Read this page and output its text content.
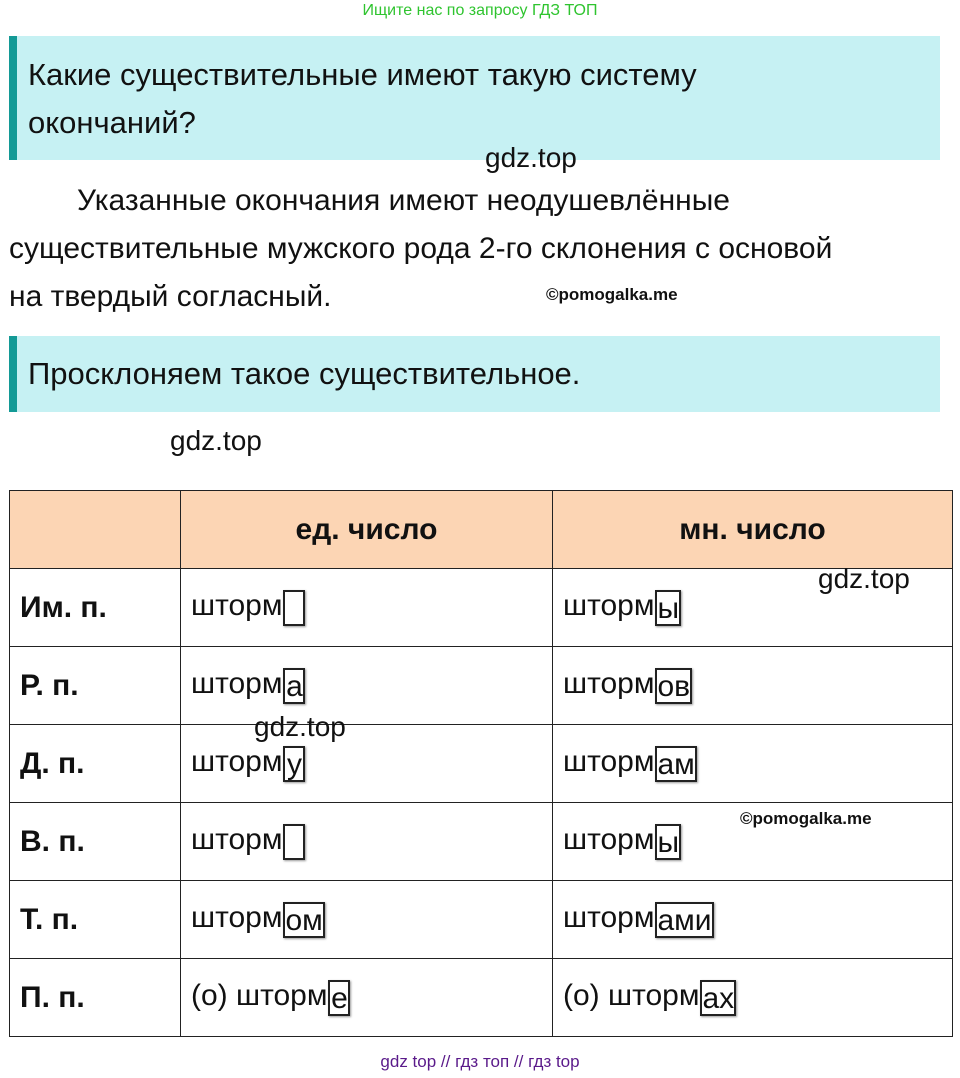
Ищите нас по запросу ГДЗ ТОП
Какие существительные имеют такую систему
окончаний?
gdz.top
Указанные окончания имеют неодушевлённые
существительные мужского рода 2-го склонения с основой
на твердый согласный.	©pomogalka.me
Просклоняем такое существительное.
gdz.top
	ед. число	мн. число
Им. п.	шторм	шторм ы
Р. п.	шторм а	шторм ов
Д. п.	шторм у	шторм ам
В. п.	шторм	шторм ы
Т. п.	шторм ом	шторм ами
П. п.	(о) шторм е	(о) шторм ах
gdz.top
gdz.top
©pomogalka.me
gdz top // гдз топ // гдз top
